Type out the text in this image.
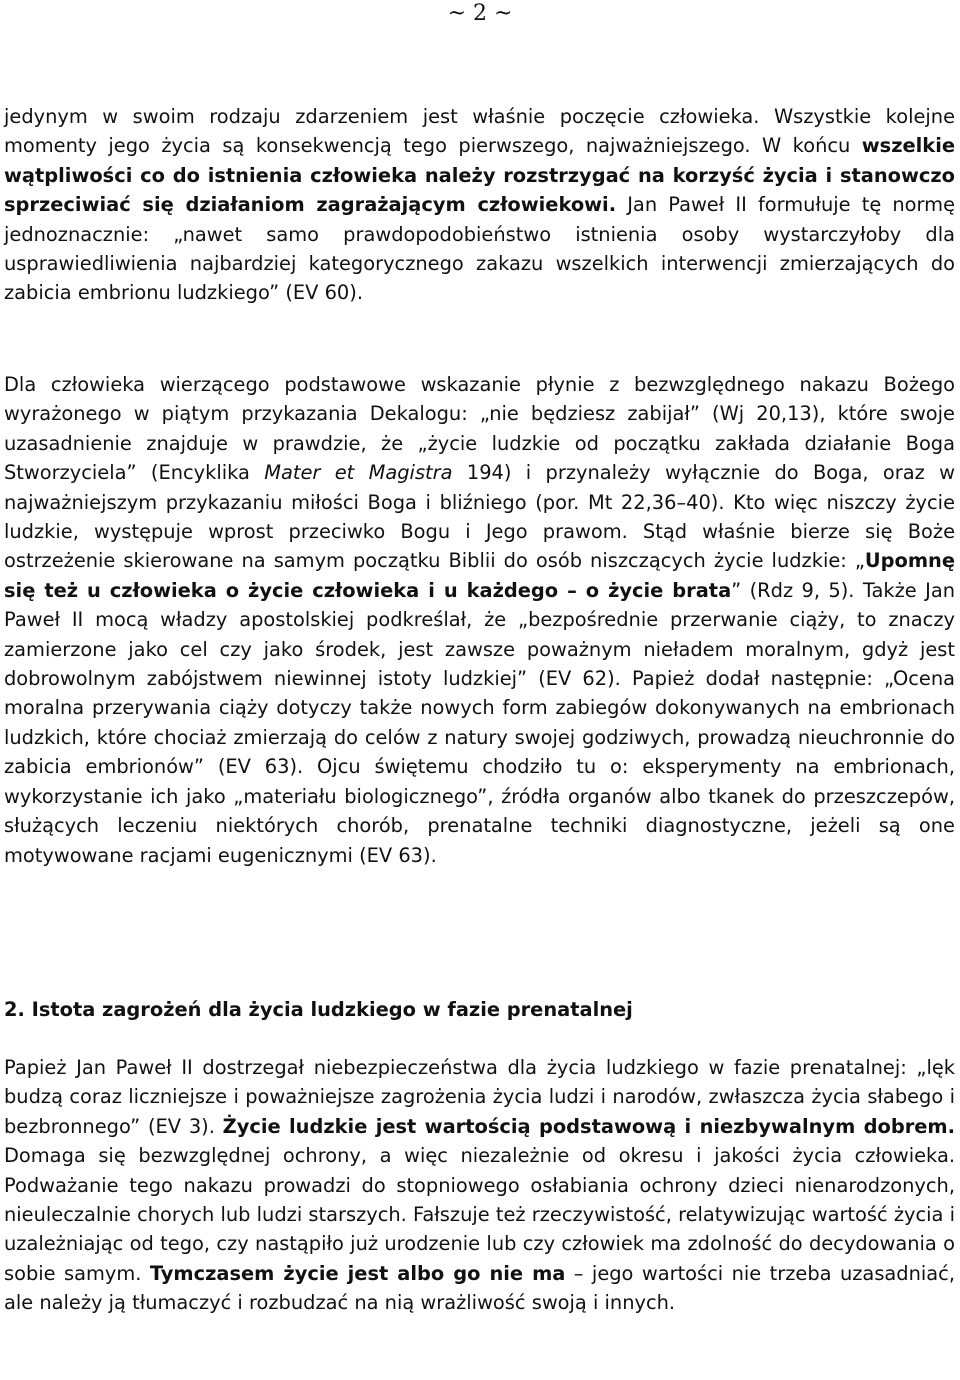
~ 2 ~

jedynym w swoim rodzaju zdarzeniem jest właśnie poczęcie człowieka. Wszystkie kolejne momenty jego życia są konsekwencją tego pierwszego, najważniejszego. W końcu wszelkie wątpliwości co do istnienia człowieka należy rozstrzygać na korzyść życia i stanowczo sprzeciwiać się działaniom zagrażającym człowiekowi. Jan Paweł II formułuje tę normę jednoznacznie: „nawet samo prawdopodobieństwo istnienia osoby wystarczyłoby dla usprawiedliwienia najbardziej kategorycznego zakazu wszelkich interwencji zmierzających do zabicia embrionu ludzkiego” (EV 60).

Dla człowieka wierzącego podstawowe wskazanie płynie z bezwzględnego nakazu Bożego wyrażonego w piątym przykazania Dekalogu: „nie będziesz zabijał” (Wj 20,13), które swoje uzasadnienie znajduje w prawdzie, że „życie ludzkie od początku zakłada działanie Boga Stworzyciela” (Encyklika Mater et Magistra 194) i przynależy wyłącznie do Boga, oraz w najważniejszym przykazaniu miłości Boga i bliźniego (por. Mt 22,36–40). Kto więc niszczy życie ludzkie, występuje wprost przeciwko Bogu i Jego prawom. Stąd właśnie bierze się Boże ostrzeżenie skierowane na samym początku Biblii do osób niszczących życie ludzkie: „Upomnę się też u człowieka o życie człowieka i u każdego – o życie brata” (Rdz 9, 5). Także Jan Paweł II mocą władzy apostolskiej podkreślał, że „bezpośrednie przerwanie ciąży, to znaczy zamierzone jako cel czy jako środek, jest zawsze poważnym nieładem moralnym, gdyż jest dobrowolnym zabójstwem niewinnej istoty ludzkiej” (EV 62). Papież dodał następnie: „Ocena moralna przerywania ciąży dotyczy także nowych form zabiegów dokonywanych na embrionach ludzkich, które chociaż zmierzają do celów z natury swojej godziwych, prowadzą nieuchronnie do zabicia embrionów” (EV 63). Ojcu świętemu chodziło tu o: eksperymenty na embrionach, wykorzystanie ich jako „materiału biologicznego”, źródła organów albo tkanek do przeszczepów, służących leczeniu niektórych chorób, prenatalne techniki diagnostyczne, jeżeli są one motywowane racjami eugenicznymi (EV 63).

2. Istota zagrożeń dla życia ludzkiego w fazie prenatalnej

Papież Jan Paweł II dostrzegał niebezpieczeństwa dla życia ludzkiego w fazie prenatalnej: „lęk budzą coraz liczniejsze i poważniejsze zagrożenia życia ludzi i narodów, zwłaszcza życia słabego i bezbronnego” (EV 3). Życie ludzkie jest wartością podstawową i niezbywalnym dobrem. Domaga się bezwzględnej ochrony, a więc niezależnie od okresu i jakości życia człowieka. Podważanie tego nakazu prowadzi do stopniowego osłabiania ochrony dzieci nienarodzonych, nieuleczalnie chorych lub ludzi starszych. Fałszuje też rzeczywistość, relatywizując wartość życia i uzależniając od tego, czy nastąpiło już urodzenie lub czy człowiek ma zdolność do decydowania o sobie samym. Tymczasem życie jest albo go nie ma – jego wartości nie trzeba uzasadniać, ale należy ją tłumaczyć i rozbudzać na nią wrażliwość swoją i innych.
